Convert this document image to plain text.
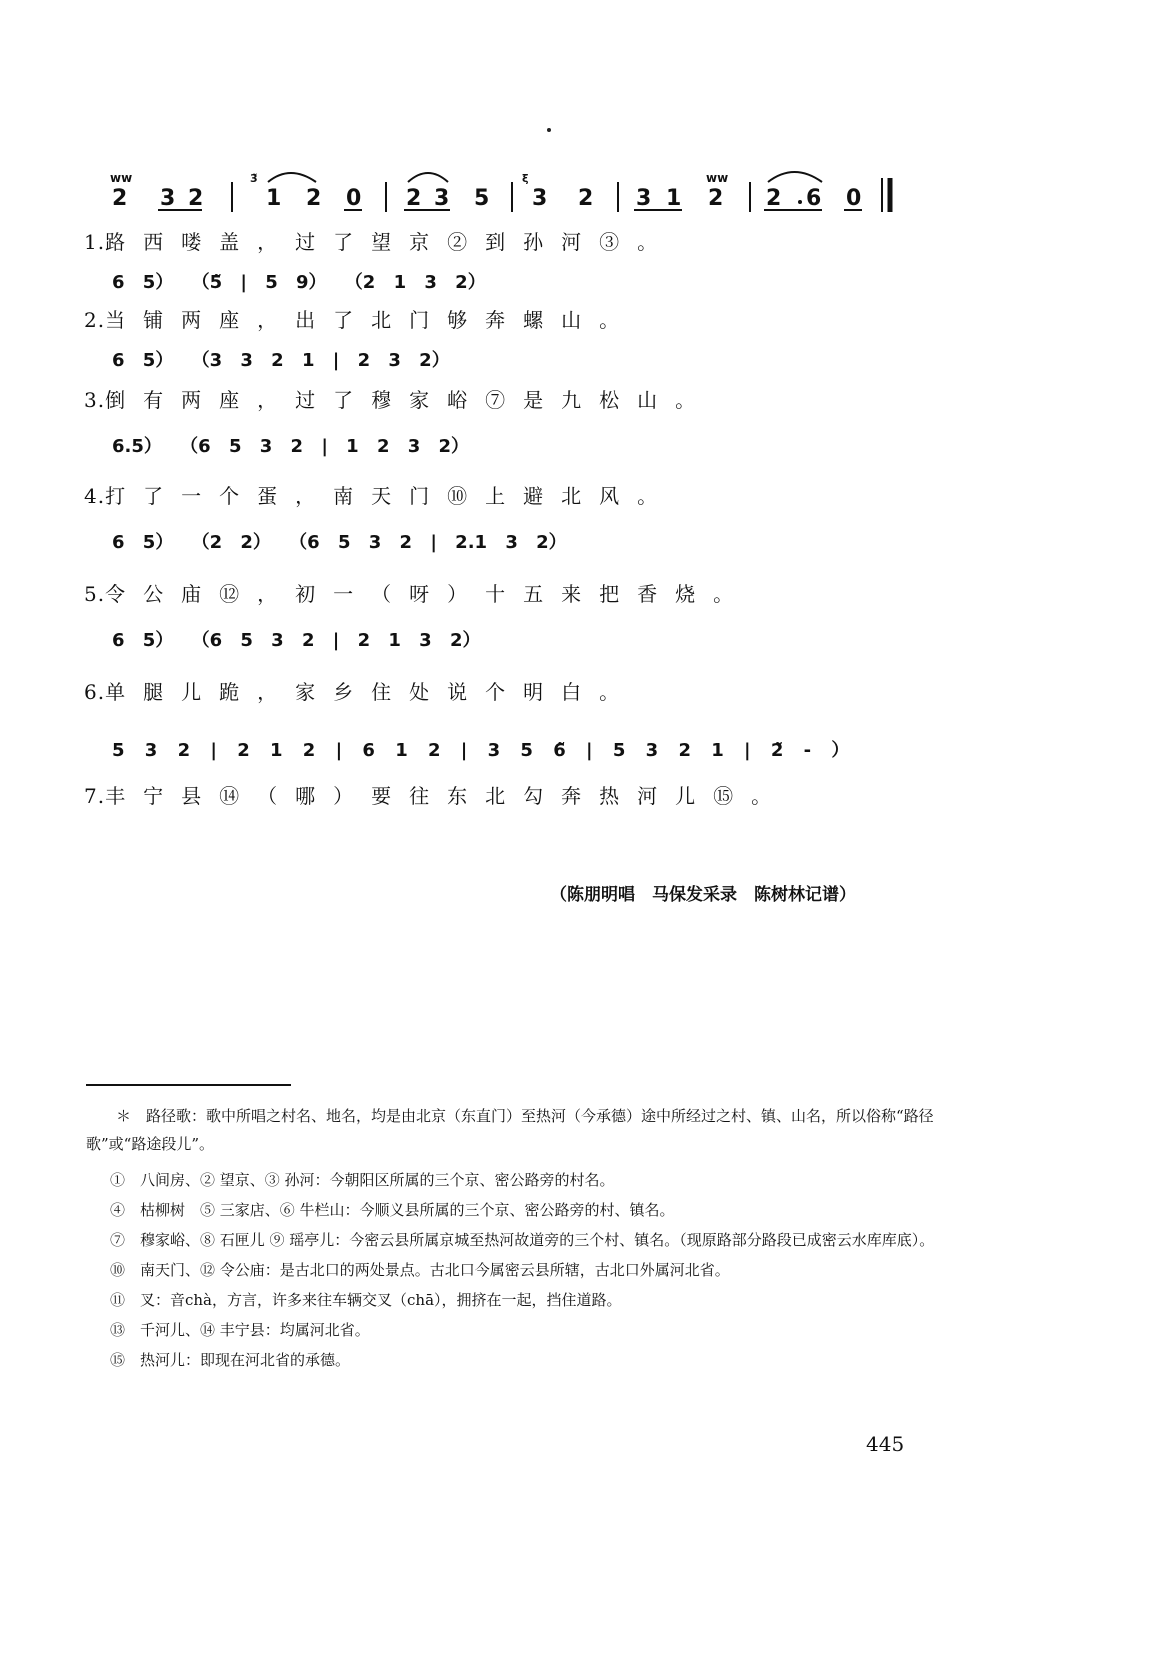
2
ww
3 2
3̃
1 2 0 2 3 5
ξ
3 2 3 1 2
ww
2 6 0
1.路西喽盖，过了望京②到孙河③。
6 5） （5̃ | 5 9） （2 1 3 2）
2.当铺两座，出了北门够奔螺山。
6 5） （3 3 2 1 | 2 3 2）
3.倒有两座，过了穆家峪⑦是九松山。
6.5） （6 5 3 2 | 1 2 3 2）
4.打了一个蛋，南天门⑩上避北风。
6 5） （2 2） （6 5 3 2 | 2.1 3 2）
5.令公庙⑫，初一（呀）十五来把香烧。
6 5） （6 5 3 2 | 2 1 3 2）
6.单腿儿跪，家乡住处说个明白。
5 3 2 | 2 1 2 | 6 1 2 | 3 5 6̃ | 5 3 2 1 | 2̃ - ）
7.丰宁县⑭（哪）要往东北勾奔热河儿⑮。
（陈朋明唱　马保发采录　陈树林记谱）
＊　路径歌：歌中所唱之村名、地名，均是由北京（东直门）至热河（今承德）途中所经过之村、镇、山名，所以俗称“路径歌”或“路途段儿”。
①　八间房、② 望京、③ 孙河：今朝阳区所属的三个京、密公路旁的村名。
④　枯柳树　⑤ 三家店、⑥ 牛栏山：今顺义县所属的三个京、密公路旁的村、镇名。
⑦　穆家峪、⑧ 石匣儿 ⑨ 瑶亭儿：今密云县所属京城至热河故道旁的三个村、镇名。（现原路部分路段已成密云水库库底）。
⑩　南天门、⑫ 令公庙：是古北口的两处景点。古北口今属密云县所辖，古北口外属河北省。
⑪　叉：音chà，方言，许多来往车辆交叉（chā），拥挤在一起，挡住道路。
⑬　千河儿、⑭ 丰宁县：均属河北省。
⑮　热河儿：即现在河北省的承德。
445
